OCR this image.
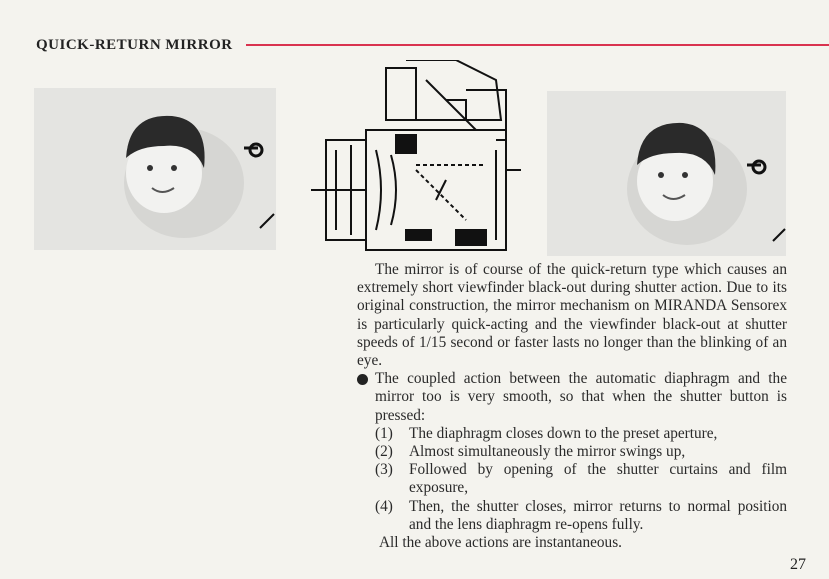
QUICK-RETURN MIRROR

The mirror is of course of the quick-return type which causes an extremely short viewfinder black-out during shutter action. Due to its original construction, the mirror mechanism on MIRANDA Sensorex is particularly quick-acting and the viewfinder black-out at shutter speeds of 1/15 second or faster lasts no longer than the blinking of an eye.

The coupled action between the automatic diaphragm and the mirror too is very smooth, so that when the shutter button is pressed:
(1)	The diaphragm closes down to the preset aperture,
(2)	Almost simultaneously the mirror swings up,
(3)	Followed by opening of the shutter curtains and film exposure,
(4)	Then, the shutter closes, mirror returns to normal position and the lens diaphragm re-opens fully.

All the above actions are instantaneous.

27
